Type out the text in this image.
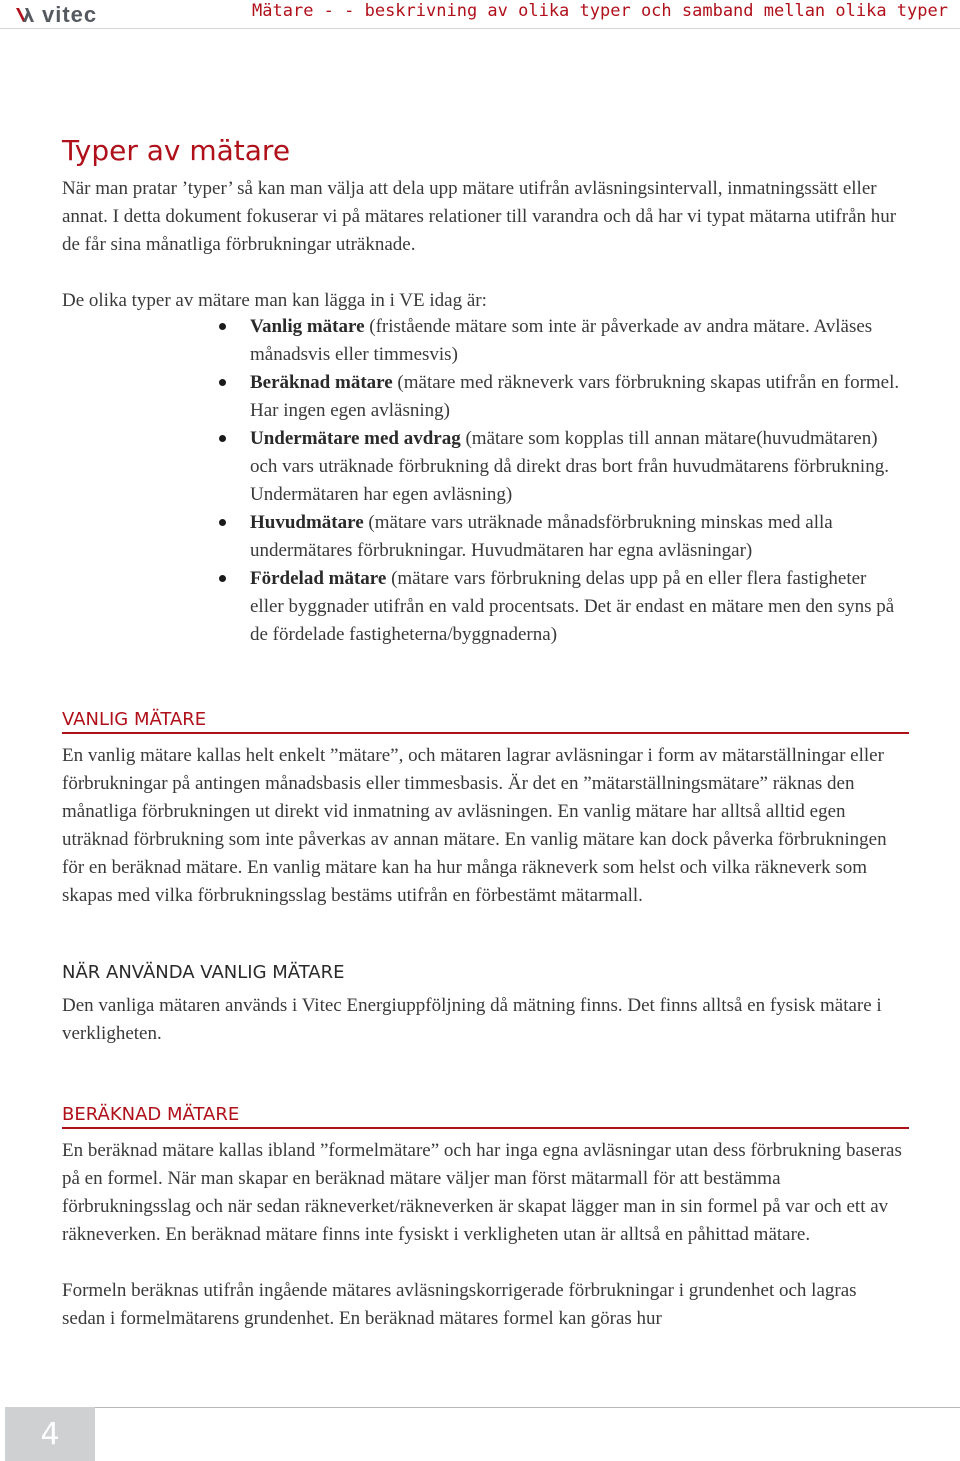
vitec	Mätare - - beskrivning av olika typer och samband mellan olika typer
Typer av mätare

När man pratar ’typer’ så kan man välja att dela upp mätare utifrån avläsningsintervall, inmatningssätt eller annat. I detta dokument fokuserar vi på mätares relationer till varandra och då har vi typat mätarna utifrån hur de får sina månatliga förbrukningar uträknade.

De olika typer av mätare man kan lägga in i VE idag är:

Vanlig mätare (fristående mätare som inte är påverkade av andra mätare. Avläses månadsvis eller timmesvis)
Beräknad mätare (mätare med räkneverk vars förbrukning skapas utifrån en formel. Har ingen egen avläsning)
Undermätare med avdrag (mätare som kopplas till annan mätare(huvudmätaren) och vars uträknade förbrukning då direkt dras bort från huvudmätarens förbrukning. Undermätaren har egen avläsning)
Huvudmätare (mätare vars uträknade månadsförbrukning minskas med alla undermätares förbrukningar. Huvudmätaren har egna avläsningar)
Fördelad mätare (mätare vars förbrukning delas upp på en eller flera fastigheter eller byggnader utifrån en vald procentsats. Det är endast en mätare men den syns på de fördelade fastigheterna/byggnaderna)
VANLIG MÄTARE

En vanlig mätare kallas helt enkelt ”mätare”, och mätaren lagrar avläsningar i form av mätarställningar eller förbrukningar på antingen månadsbasis eller timmesbasis. Är det en ”mätarställningsmätare” räknas den månatliga förbrukningen ut direkt vid inmatning av avläsningen. En vanlig mätare har alltså alltid egen uträknad förbrukning som inte påverkas av annan mätare. En vanlig mätare kan dock påverka förbrukningen för en beräknad mätare. En vanlig mätare kan ha hur många räkneverk som helst och vilka räkneverk som skapas med vilka förbrukningsslag bestäms utifrån en förbestämt mätarmall.

NÄR ANVÄNDA VANLIG MÄTARE

Den vanliga mätaren används i Vitec Energiuppföljning då mätning finns. Det finns alltså en fysisk mätare i verkligheten.

BERÄKNAD MÄTARE

En beräknad mätare kallas ibland ”formelmätare” och har inga egna avläsningar utan dess förbrukning baseras på en formel. När man skapar en beräknad mätare väljer man först mätarmall för att bestämma förbrukningsslag och när sedan räkneverket/räkneverken är skapat lägger man in sin formel på var och ett av räkneverken. En beräknad mätare finns inte fysiskt i verkligheten utan är alltså en påhittad mätare.

Formeln beräknas utifrån ingående mätares avläsningskorrigerade förbrukningar i grundenhet och lagras sedan i formelmätarens grundenhet. En beräknad mätares formel kan göras hur

4
